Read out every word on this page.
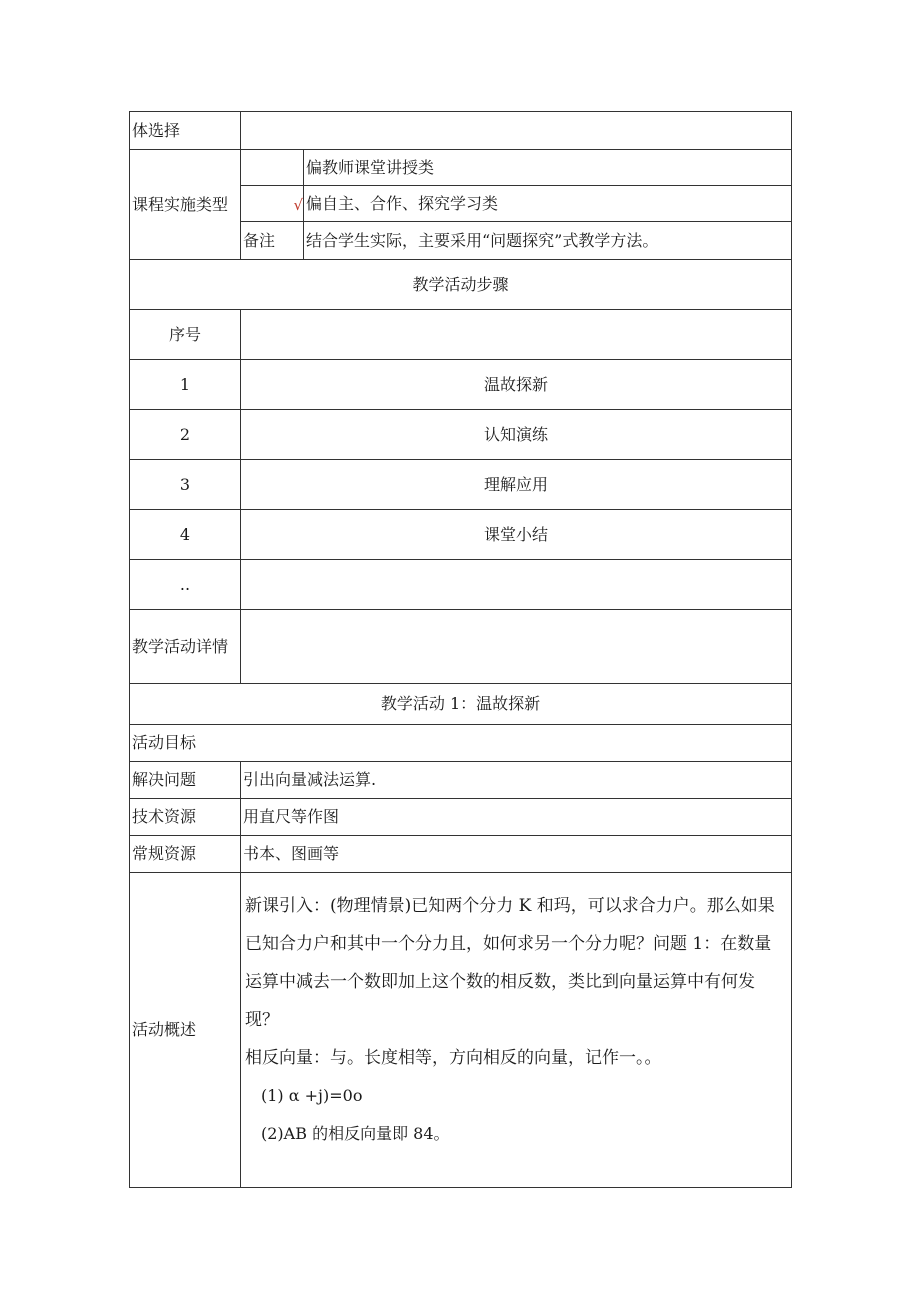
体选择		

课程实施类型		偏教师课堂讲授类

	√	偏自主、合作、探究学习类
	备注	结合学生实际，主要采用“问题探究”式教学方法。
教学活动步骤		
序号		
1	温故探新	
2	认知演练	
3	理解应用	
4	课堂小结	
..		

教学活动详情		

教学活动 1：温故探新		
活动目标		
解决问题	引出向量减法运算.	
技术资源	用直尺等作图	
常规资源	书本、图画等	
活动概述	新课引入：(物理情景)已知两个分力 K 和玛，可以求合力户。那么如果已知合力户和其中一个分力且，如何求另一个分力呢？问题 1：在数量运算中减去一个数即加上这个数的相反数，类比到向量运算中有何发现？

相反向量：与。长度相等，方向相反的向量，记作一。。

(1) α +j)=0o

(2)AB 的相反向量即 84。	
